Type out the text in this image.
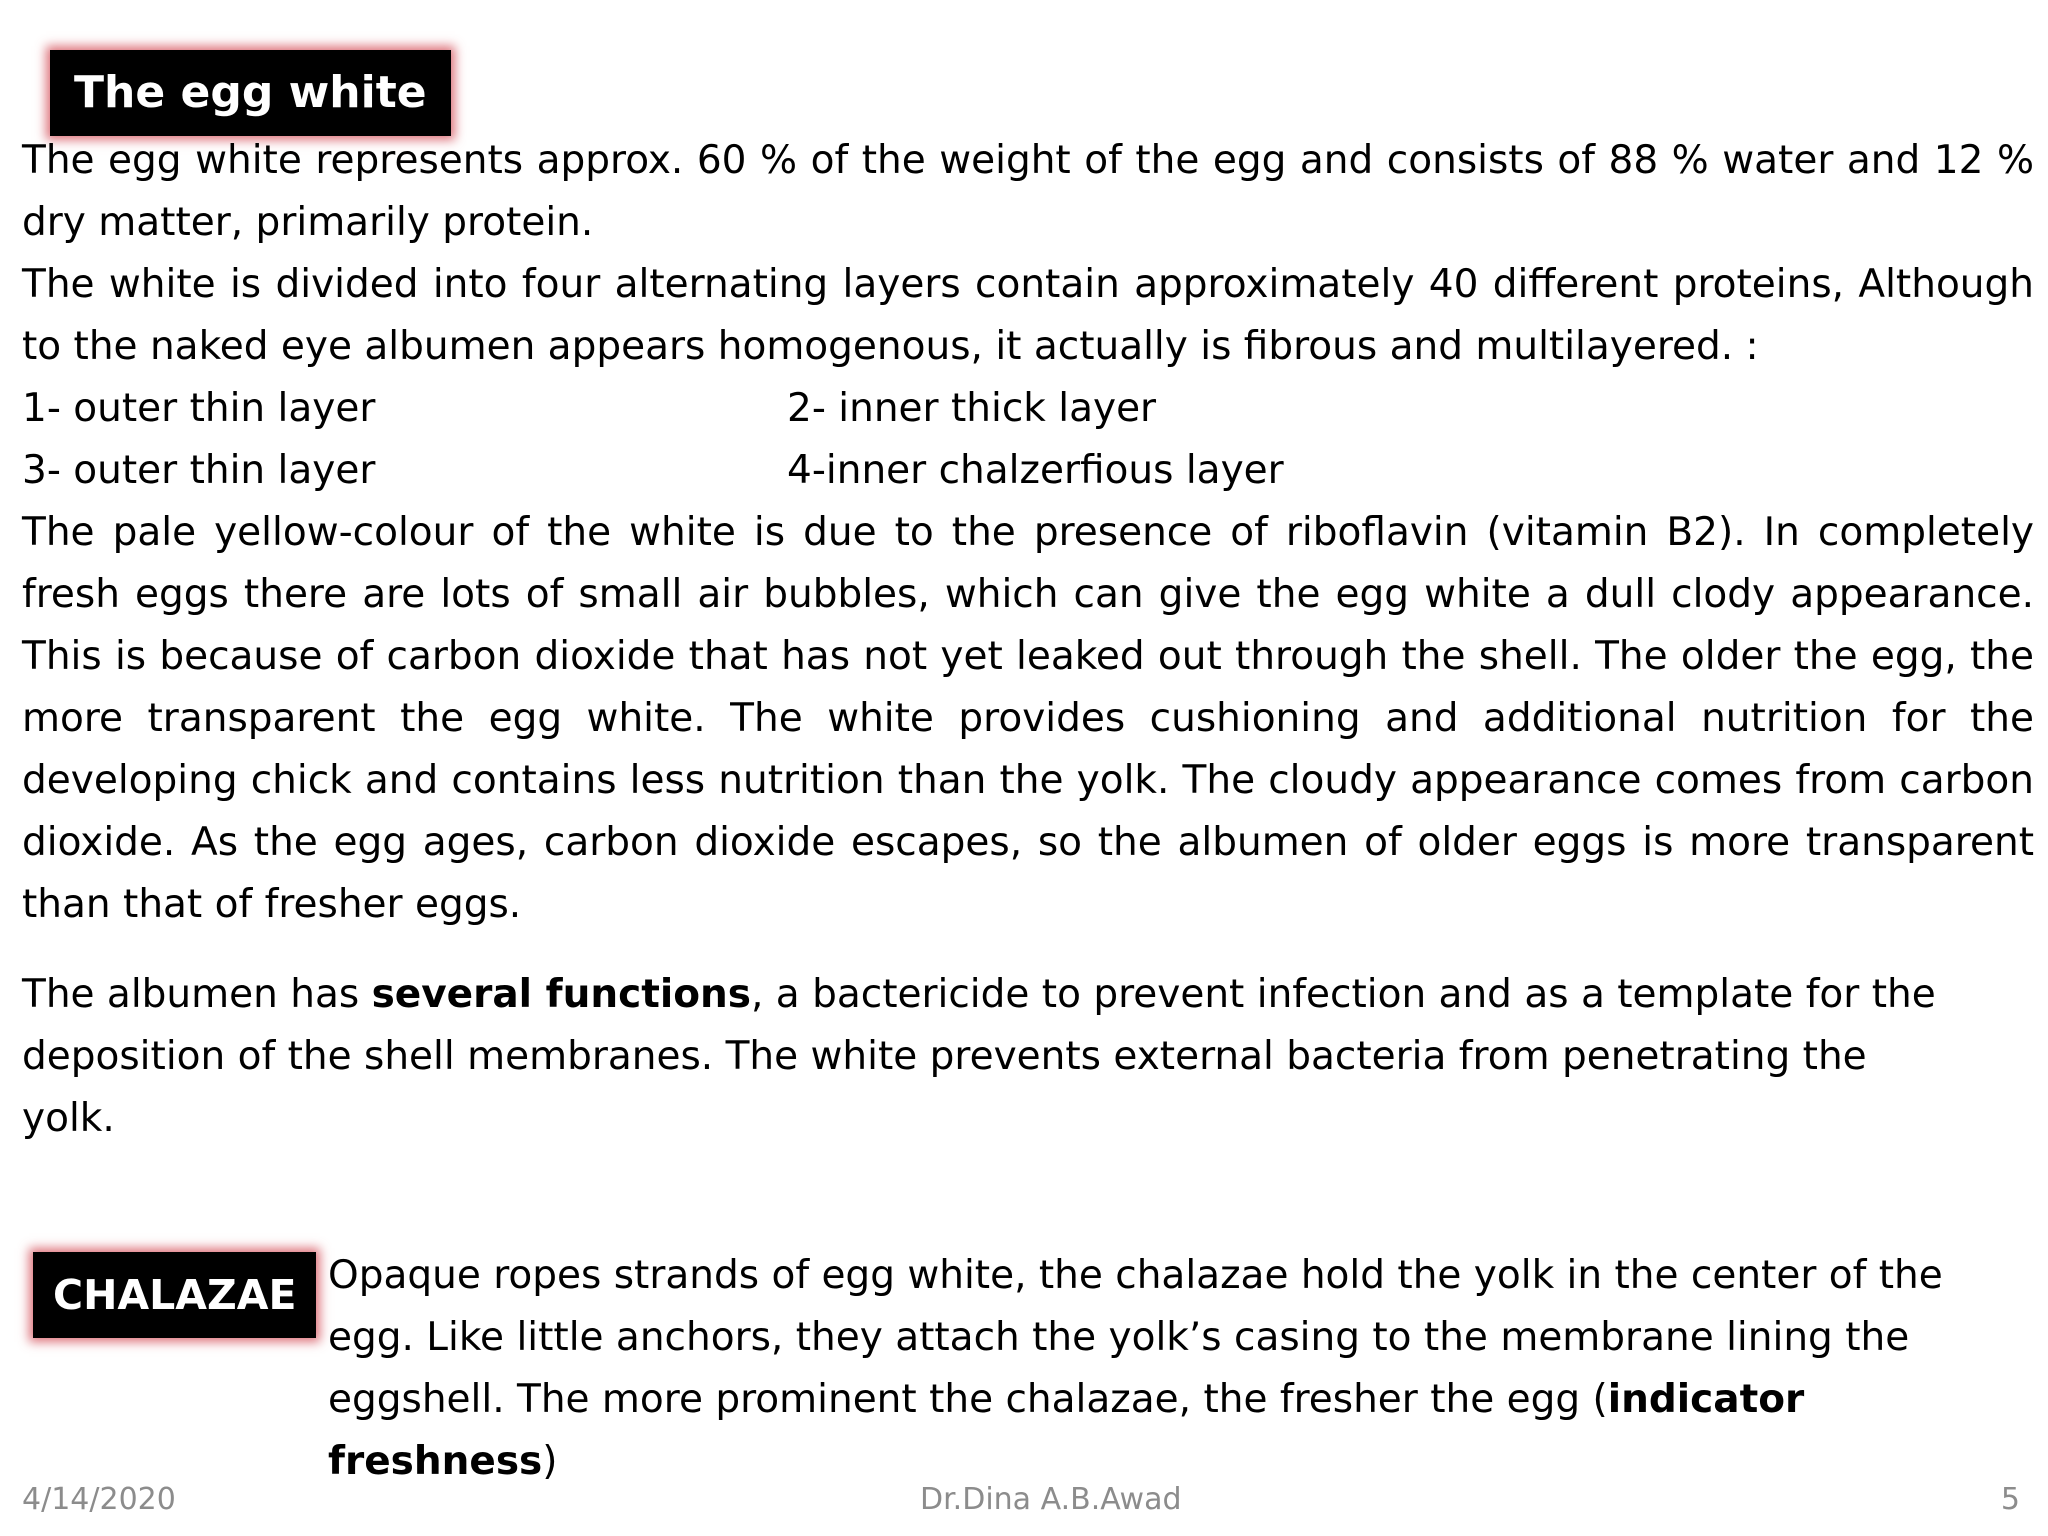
The egg white

The egg white represents approx. 60 % of the weight of the egg and consists of 88 % water and 12 % dry matter, primarily protein.

The white is divided into four alternating layers contain approximately 40 different proteins, Although to the naked eye albumen appears homogenous, it actually is fibrous and multilayered. :

1- outer thin layer	2- inner thick layer
3- outer thin layer	4-inner chalzerfious layer

The pale yellow-colour of the white is due to the presence of riboflavin (vitamin B2). In completely fresh eggs there are lots of small air bubbles, which can give the egg white a dull clody appearance. This is because of carbon dioxide that has not yet leaked out through the shell. The older the egg, the more transparent the egg white. The white provides cushioning and additional nutrition for the developing chick and contains less nutrition than the yolk. The cloudy appearance comes from carbon dioxide. As the egg ages, carbon dioxide escapes, so the albumen of older eggs is more transparent than that of fresher eggs.

The albumen has several functions, a bactericide to prevent infection and as a template for the deposition of the shell membranes. The white prevents external bacteria from penetrating the yolk.

CHALAZAE Opaque ropes strands of egg white, the chalazae hold the yolk in the center of the egg. Like little anchors, they attach the yolk’s casing to the membrane lining the eggshell. The more prominent the chalazae, the fresher the egg (indicator freshness)

4/14/2020	Dr.Dina A.B.Awad	5
